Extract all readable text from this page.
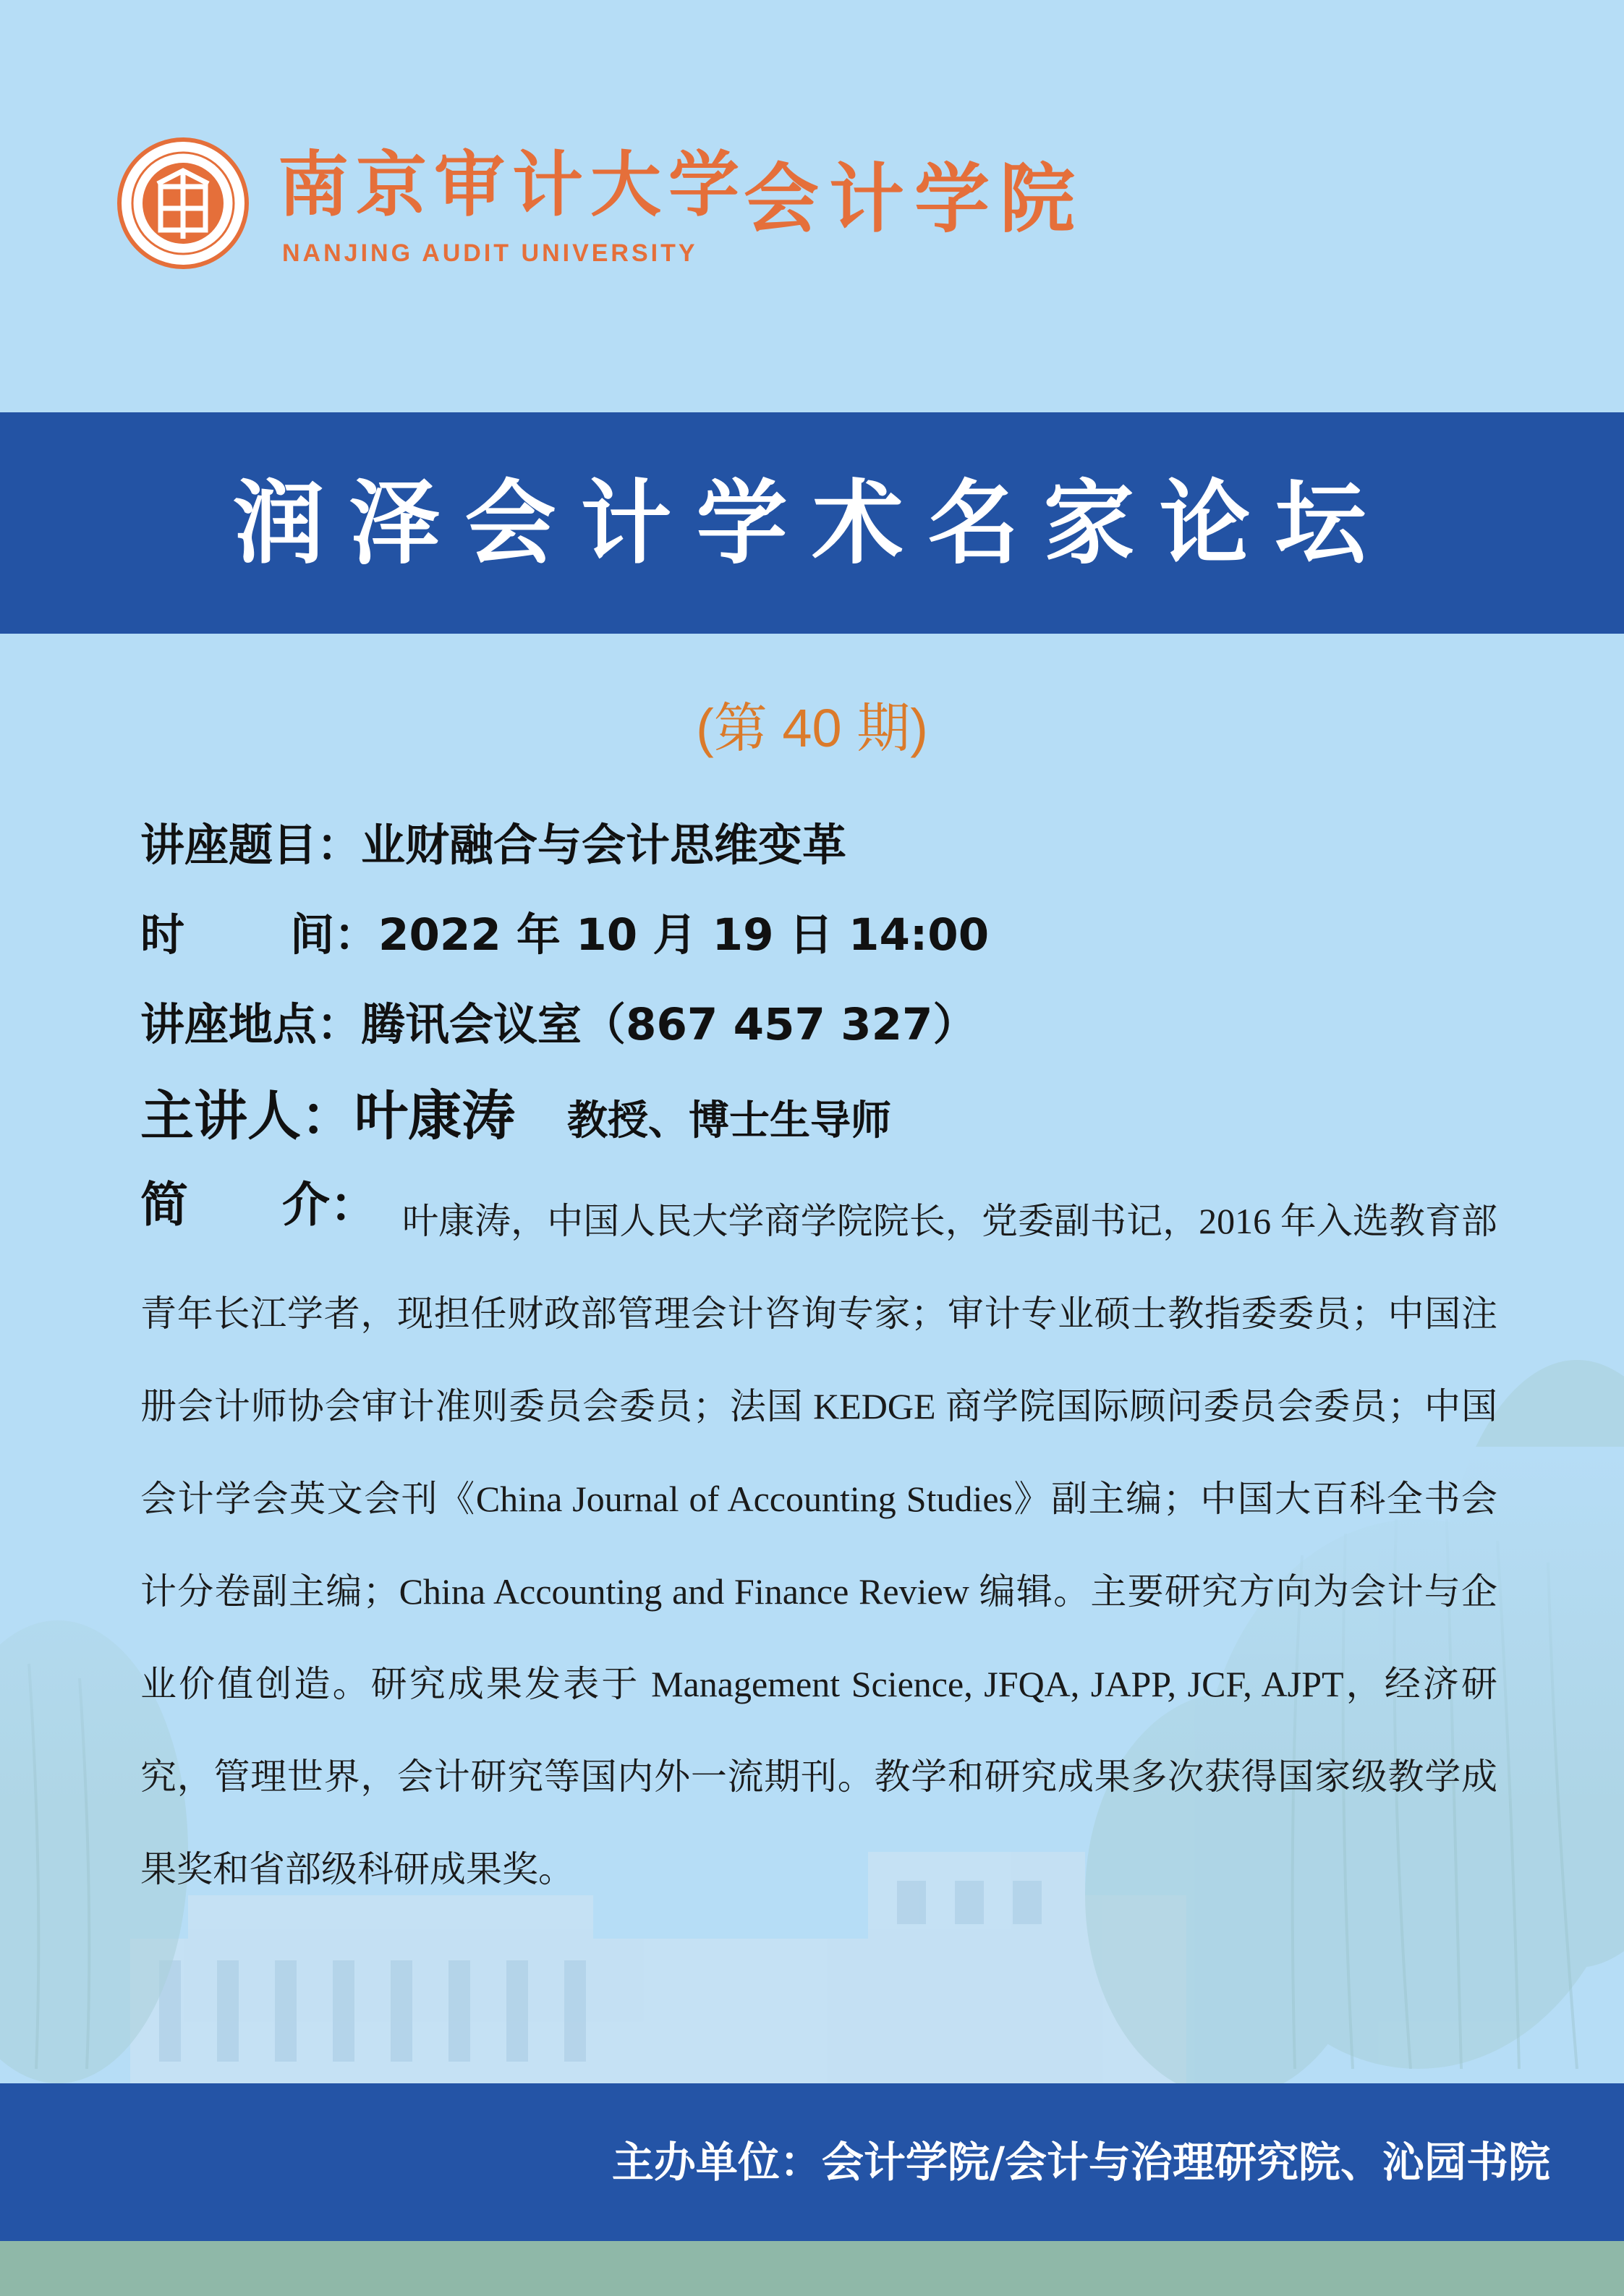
南京审计大学
NANJING AUDIT UNIVERSITY
会计学院
润泽会计学术名家论坛
(第 40 期)
讲座题目：业财融合与会计思维变革
时 间：2022 年 10 月 19 日 14:00
讲座地点：腾讯会议室（867 457 327）
主讲人：叶康涛 教授、博士生导师
简 介： 叶康涛，中国人民大学商学院院长，党委副书记，2016 年入选教育部青年长江学者，现担任财政部管理会计咨询专家；审计专业硕士教指委委员；中国注册会计师协会审计准则委员会委员；法国 KEDGE 商学院国际顾问委员会委员；中国会计学会英文会刊《China Journal of Accounting Studies》副主编；中国大百科全书会计分卷副主编；China Accounting and Finance Review 编辑。主要研究方向为会计与企业价值创造。研究成果发表于 Management Science, JFQA, JAPP, JCF, AJPT，经济研究，管理世界，会计研究等国内外一流期刊。教学和研究成果多次获得国家级教学成果奖和省部级科研成果奖。
主办单位：会计学院/会计与治理研究院、沁园书院
